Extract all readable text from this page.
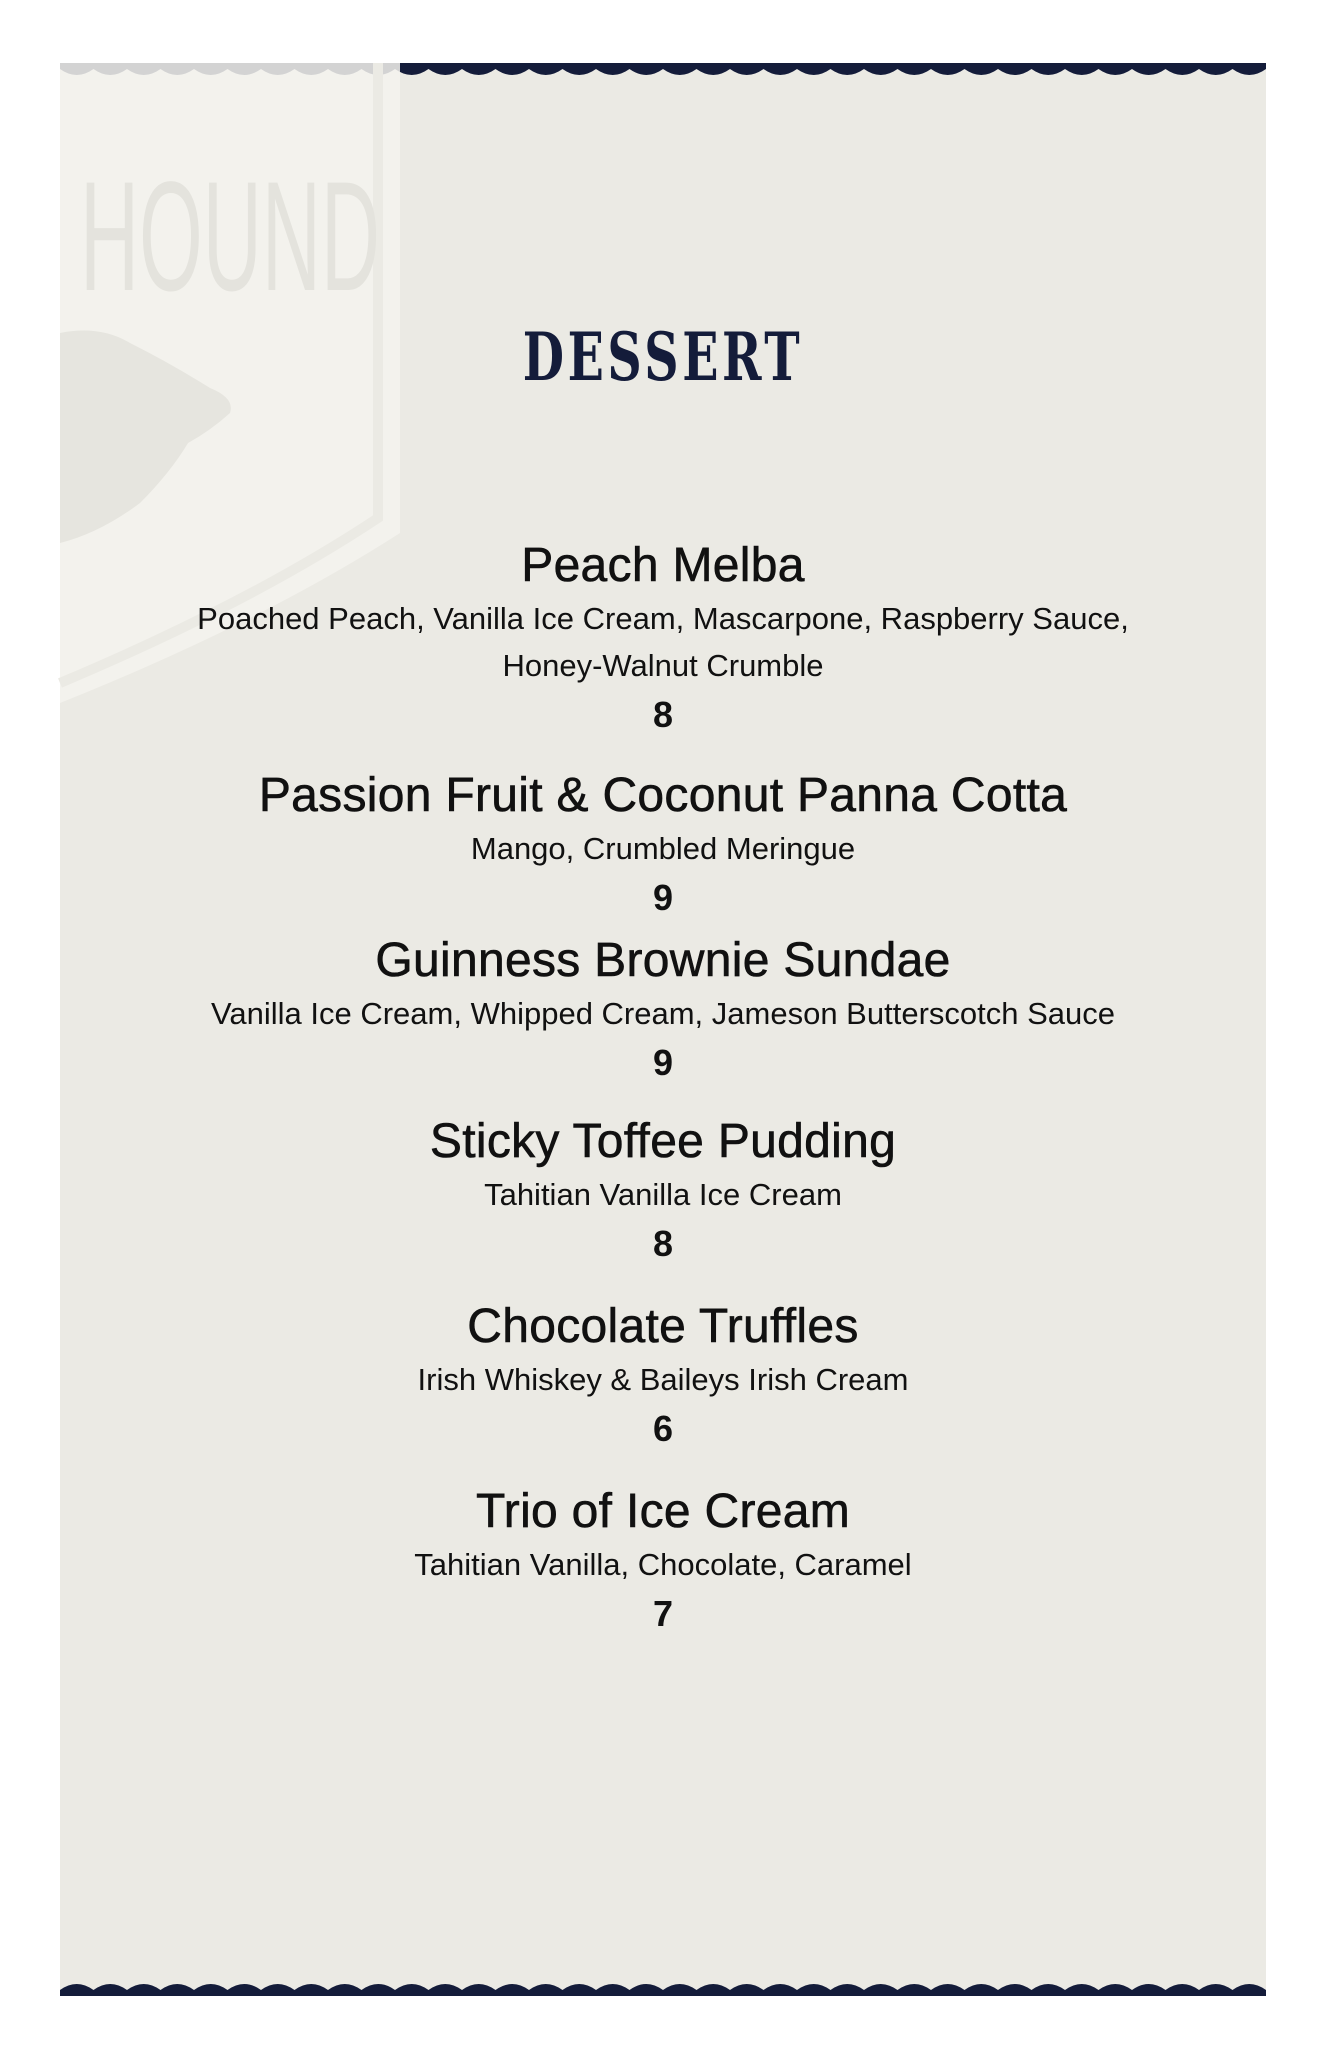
HOUND
DESSERT
Peach Melba
Poached Peach, Vanilla Ice Cream, Mascarpone, Raspberry Sauce,
Honey-Walnut Crumble
8
Passion Fruit & Coconut Panna Cotta
Mango, Crumbled Meringue
9
Guinness Brownie Sundae
Vanilla Ice Cream, Whipped Cream, Jameson Butterscotch Sauce
9
Sticky Toffee Pudding
Tahitian Vanilla Ice Cream
8
Chocolate Truffles
Irish Whiskey & Baileys Irish Cream
6
Trio of Ice Cream
Tahitian Vanilla, Chocolate, Caramel
7
